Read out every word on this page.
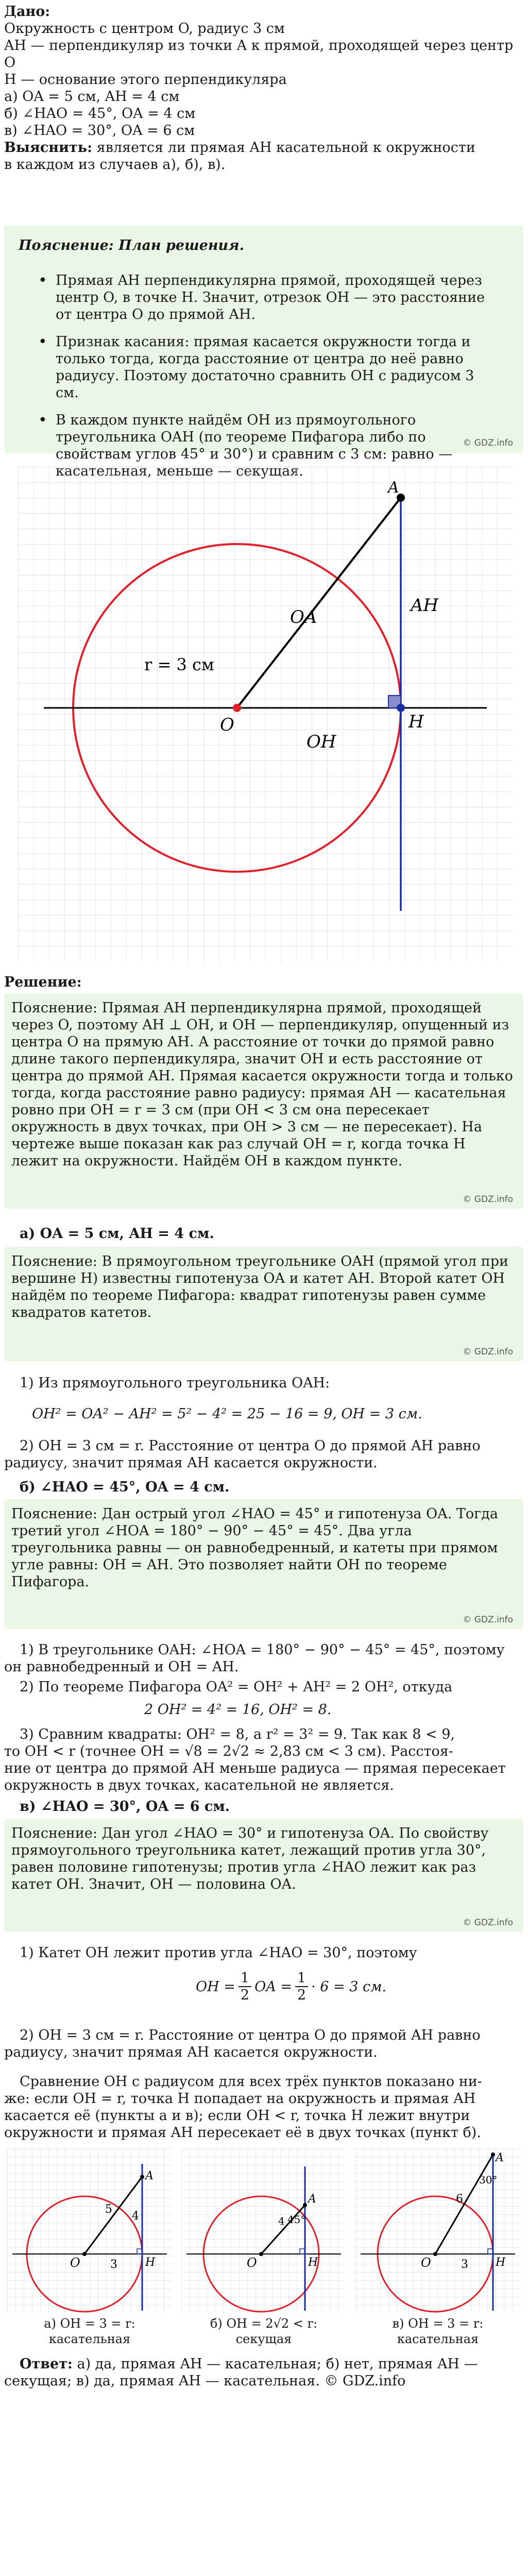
Дано:
Окружность с центром O, радиус 3 см
AH — перпендикуляр из точки A к прямой, проходящей через центр
O
H — основание этого перпендикуляра
а) OA = 5 см, AH = 4 см
б) ∠HAO = 45°, OA = 4 см
в) ∠HAO = 30°, OA = 6 см
Выяснить: является ли прямая AH касательной к окружности
в каждом из случаев а), б), в).
Пояснение: План решения.
• Прямая AH перпендикулярна прямой, проходящей через центр O, в точке H. Значит, отрезок OH — это расстояние от центра O до прямой AH.
• Признак касания: прямая касается окружности тогда и только тогда, когда расстояние от центра до неё равно радиусу. Поэтому достаточно сравнить OH с радиусом 3 см.
• В каждом пункте найдём OH из прямоугольного треугольника OAH (по теореме Пифагора либо по свойствам углов 45° и 30°) и сравним с 3 см: равно —
© GDZ.info
r = 3 см
OA
AH
O	H
A
OH
Решение:
Пояснение: Прямая AH перпендикулярна прямой, проходящей через O, поэтому AH ⊥ OH, и OH — перпендикуляр, опущенный из центра O на прямую AH. А расстояние от точки до прямой равно длине такого перпендикуляра, значит OH и есть расстояние от центра до прямой AH. Прямая касается окружности тогда и только тогда, когда расстояние равно радиусу: прямая AH — касательная ровно при OH = r = 3 см (при OH < 3 см она пересекает окружность в двух точках, при OH > 3 см — не пересекает). На чертеже выше показан как раз случай OH = r, когда точка H лежит на окружности. Найдём OH в каждом пункте.
© GDZ.info
а) OA = 5 см, AH = 4 см.
Пояснение: В прямоугольном треугольнике OAH (прямой угол при вершине H) известны гипотенуза OA и катет AH. Второй катет OH найдём по теореме Пифагора: квадрат гипотенузы равен сумме квадратов катетов.
© GDZ.info
1) Из прямоугольного треугольника OAH:
OH² = OA² − AH² = 5² − 4² = 25 − 16 = 9, OH = 3 см.
2) OH = 3 см = r. Расстояние от центра O до прямой AH равно
радиусу, значит прямая AH касается окружности.
б) ∠HAO = 45°, OA = 4 см.
Пояснение: Дан острый угол ∠HAO = 45° и гипотенуза OA. Тогда третий угол ∠HOA = 180° − 90° − 45° = 45°. Два угла треугольника равны — он равнобедренный, и катеты при прямом угле равны: OH = AH. Это позволяет найти OH по теореме Пифагора.
© GDZ.info
1) В треугольнике OAH: ∠HOA = 180° − 90° − 45° = 45°, поэтому
он равнобедренный и OH = AH.
2) По теореме Пифагора OA² = OH² + AH² = 2 OH², откуда
2 OH² = 4² = 16, OH² = 8.
3) Сравним квадраты: OH² = 8, а r² = 3² = 9. Так как 8 < 9,
то OH < r (точнее OH = √8 = 2√2 ≈ 2,83 см < 3 см). Расстоя-
ние от центра до прямой AH меньше радиуса — прямая пересекает
окружность в двух точках, касательной не является.
в) ∠HAO = 30°, OA = 6 см.
Пояснение: Дан угол ∠HAO = 30° и гипотенуза OA. По свойству прямоугольного треугольника катет, лежащий против угла 30°, равен половине гипотенузы; против угла ∠HAO лежит как раз катет OH. Значит, OH — половина OA.
© GDZ.info
1) Катет OH лежит против угла ∠HAO = 30°, поэтому
OH = $\frac{1}{2}$ OA = $\frac{1}{2} \cdot 6 = 3$ см.
2) OH = 3 см = r. Расстояние от центра O до прямой AH равно
радиусу, значит прямая AH касается окружности.
Сравнение OH с радиусом для всех трёх пунктов показано ни-
же: если OH = r, точка H попадает на окружность и прямая AH
касается её (пункты а и в); если OH < r, точка H лежит внутри
окружности и прямая AH пересекает её в двух точках (пункт б).
O
A
H
5
4
3
а) OH = 3 = r:
касательная
O
A
H
45°
4
б) OH = 2√2 < r:
секущая
O
A
H
30°
6
3
в) OH = 3 = r:
касательная
Ответ: а) да, прямая AH — касательная; б) нет, прямая AH —
секущая; в) да, прямая AH — касательная. © GDZ.info
